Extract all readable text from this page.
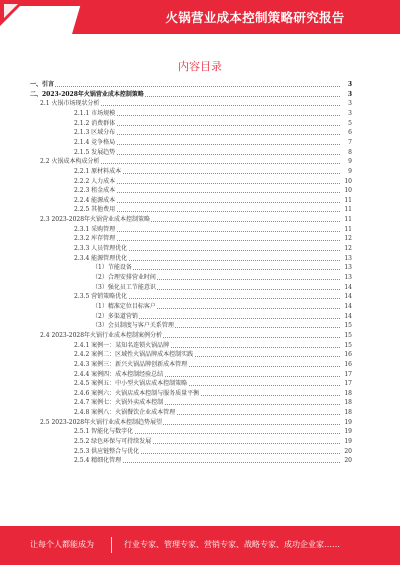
火锅营业成本控制策略研究报告
内容目录
一、引言	3
二、2023-2028年火锅营业成本控制策略	3
2.1 火锅市场现状分析	3
2.1.1 市场规模	3
2.1.2 消费群体	5
2.1.3 区域分布	6
2.1.4 竞争格局	7
2.1.5 发展趋势	8
2.2 火锅成本构成分析	9
2.2.1 原材料成本	9
2.2.2 人力成本	10
2.2.3 租金成本	10
2.2.4 能源成本	11
2.2.5 其他费用	11
2.3 2023-2028年火锅营业成本控制策略	11
2.3.1 采购管理	11
2.3.2 库存管理	12
2.3.3 人员管理优化	12
2.3.4 能源管理优化	13
（1）节能设备	13
（2）合理安排营业时间	13
（3）强化员工节能意识	14
2.3.5 营销策略优化	14
（1）精准定位目标客户	14
（2）多渠道营销	14
（3）会员制度与客户关系管理	15
2.4 2023-2028年火锅行业成本控制案例分析	15
2.4.1 案例一：某知名连锁火锅品牌	15
2.4.2 案例二：区域性火锅品牌成本控制实践	16
2.4.3 案例三：新兴火锅品牌创新成本管理	16
2.4.4 案例四：成本控制经验总结	17
2.4.5 案例五：中小型火锅店成本控制策略	17
2.4.6 案例六：火锅店成本控制与服务质量平衡	18
2.4.7 案例七：火锅外卖成本控制	18
2.4.8 案例八：火锅餐饮企业成本管理	18
2.5 2023-2028年火锅行业成本控制趋势展望	19
2.5.1 智能化与数字化	19
2.5.2 绿色环保与可持续发展	19
2.5.3 供应链整合与优化	20
2.5.4 精细化管理	20
让每个人都能成为	行业专家、管理专家、营销专家、战略专家、成功企业家……
